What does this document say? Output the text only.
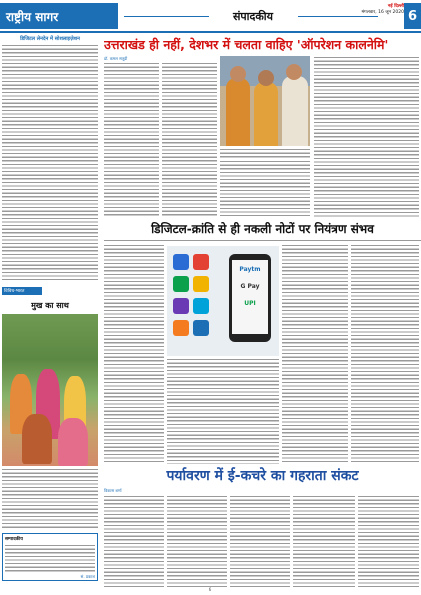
राष्ट्रीय सागर	संपादकीय
नई दिल्ली
मंगलवार, 16 जून 2020 6
डिजिटल लेनदेन में सोशलाइज़ेशन
विविध-भारत
मुख का साथ
सम्पादकीय
सं. प्रकाश
उत्तराखंड ही नहीं, देशभर में चलता वाहिए 'ऑपरेशन कालनेमि'
डॉ. कमल सतूडी
डिजिटल-क्रांति से ही नकली नोटों पर नियंत्रण संभव
Paytm
G Pay
UPI
पर्यावरण में ई-कचरे का गहराता संकट
विकास शर्मा
6
